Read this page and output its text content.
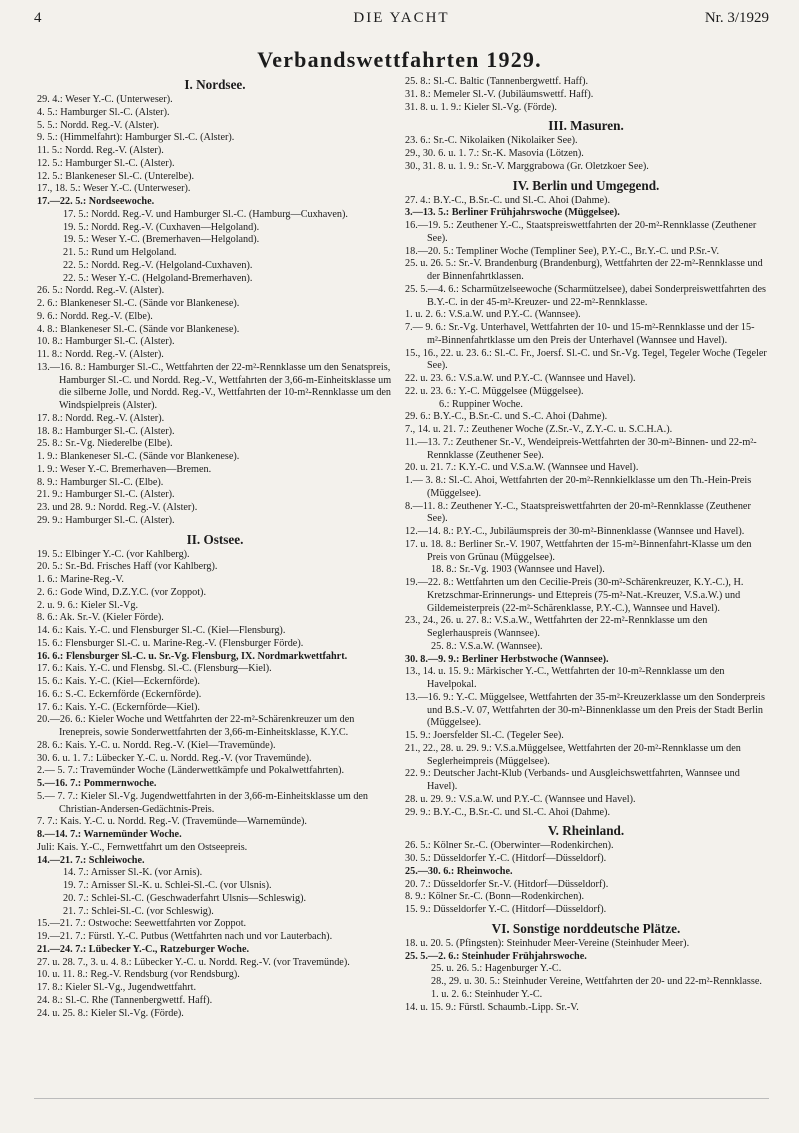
4	DIE YACHT	Nr. 3/1929
Verbandswettfahrten 1929.
I. Nordsee.
29. 4.: Weser Y.-C. (Unterweser).
4. 5.: Hamburger Sl.-C. (Alster).
5. 5.: Nordd. Reg.-V. (Alster).
9. 5.: (Himmelfahrt): Hamburger Sl.-C. (Alster).
11. 5.: Nordd. Reg.-V. (Alster).
12. 5.: Hamburger Sl.-C. (Alster).
12. 5.: Blankeneser Sl.-C. (Unterelbe).
17., 18. 5.: Weser Y.-C. (Unterweser).
17.—22. 5.: Nordseewoche.
17. 5.: Nordd. Reg.-V. und Hamburger Sl.-C. (Hamburg—Cuxhaven).
19. 5.: Nordd. Reg.-V. (Cuxhaven—Helgoland).
19. 5.: Weser Y.-C. (Bremerhaven—Helgoland).
21. 5.: Rund um Helgoland.
22. 5.: Nordd. Reg.-V. (Helgoland-Cuxhaven).
22. 5.: Weser Y.-C. (Helgoland-Bremerhaven).
26. 5.: Nordd. Reg.-V. (Alster).
2. 6.: Blankeneser Sl.-C. (Sände vor Blankenese).
9. 6.: Nordd. Reg.-V. (Elbe).
4. 8.: Blankeneser Sl.-C. (Sände vor Blankenese).
10. 8.: Hamburger Sl.-C. (Alster).
11. 8.: Nordd. Reg.-V. (Alster).
13.—16. 8.: Hamburger Sl.-C., Wettfahrten der 22-m²-Rennklasse um den Senatspreis, Hamburger Sl.-C. und Nordd. Reg.-V., Wettfahrten der 3,66-m-Einheitsklasse um die silberne Jolle, und Nordd. Reg.-V., Wettfahrten der 10-m²-Rennklasse um den Windspielpreis (Alster).
17. 8.: Nordd. Reg.-V. (Alster).
18. 8.: Hamburger Sl.-C. (Alster).
25. 8.: Sr.-Vg. Niederelbe (Elbe).
1. 9.: Blankeneser Sl.-C. (Sände vor Blankenese).
1. 9.: Weser Y.-C. Bremerhaven—Bremen.
8. 9.: Hamburger Sl.-C. (Elbe).
21. 9.: Hamburger Sl.-C. (Alster).
23. und 28. 9.: Nordd. Reg.-V. (Alster).
29. 9.: Hamburger Sl.-C. (Alster).
II. Ostsee.
19. 5.: Elbinger Y.-C. (vor Kahlberg).
20. 5.: Sr.-Bd. Frisches Haff (vor Kahlberg).
1. 6.: Marine-Reg.-V.
2. 6.: Gode Wind, D.Z.Y.C. (vor Zoppot).
2. u. 9. 6.: Kieler Sl.-Vg.
8. 6.: Ak. Sr.-V. (Kieler Förde).
14. 6.: Kais. Y.-C. und Flensburger Sl.-C. (Kiel—Flensburg).
15. 6.: Flensburger Sl.-C. u. Marine-Reg.-V. (Flensburger Förde).
16. 6.: Flensburger Sl.-C. u. Sr.-Vg. Flensburg, IX. Nordmarkwettfahrt.
17. 6.: Kais. Y.-C. und Flensbg. Sl.-C. (Flensburg—Kiel).
15. 6.: Kais. Y.-C. (Kiel—Eckernförde).
16. 6.: S.-C. Eckernförde (Eckernförde).
17. 6.: Kais. Y.-C. (Eckernförde—Kiel).
20.—26. 6.: Kieler Woche und Wettfahrten der 22-m²-Schärenkreuzer um den Irenepreis, sowie Sonderwettfahrten der 3,66-m-Einheitsklasse, K.Y.C.
28. 6.: Kais. Y.-C. u. Nordd. Reg.-V. (Kiel—Travemünde).
30. 6. u. 1. 7.: Lübecker Y.-C. u. Nordd. Reg.-V. (vor Travemünde).
2.— 5. 7.: Travemünder Woche (Länderwettkämpfe und Pokalwettfahrten).
5.—16. 7.: Pommernwoche.
5.— 7. 7.: Kieler Sl.-Vg. Jugendwettfahrten in der 3,66-m-Einheitsklasse um den Christian-Andersen-Gedächtnis-Preis.
7. 7.: Kais. Y.-C. u. Nordd. Reg.-V. (Travemünde—Warnemünde).
8.—14. 7.: Warnemünder Woche.
Juli: Kais. Y.-C., Fernwettfahrt um den Ostseepreis.
14.—21. 7.: Schleiwoche.
14. 7.: Arnisser Sl.-K. (vor Arnis).
19. 7.: Arnisser Sl.-K. u. Schlei-Sl.-C. (vor Ulsnis).
20. 7.: Schlei-Sl.-C. (Geschwaderfahrt Ulsnis—Schleswig).
21. 7.: Schlei-Sl.-C. (vor Schleswig).
15.—21. 7.: Ostwoche: Seewettfahrten vor Zoppot.
19.—21. 7.: Fürstl. Y.-C. Putbus (Wettfahrten nach und vor Lauterbach).
21.—24. 7.: Lübecker Y.-C., Ratzeburger Woche.
27. u. 28. 7., 3. u. 4. 8.: Lübecker Y.-C. u. Nordd. Reg.-V. (vor Travemünde).
10. u. 11. 8.: Reg.-V. Rendsburg (vor Rendsburg).
17. 8.: Kieler Sl.-Vg., Jugendwettfahrt.
24. 8.: Sl.-C. Rhe (Tannenbergwettf. Haff).
24. u. 25. 8.: Kieler Sl.-Vg. (Förde).
25. 8.: Sl.-C. Baltic (Tannenbergwettf. Haff).
31. 8.: Memeler Sl.-V. (Jubiläumswettf. Haff).
31. 8. u. 1. 9.: Kieler Sl.-Vg. (Förde).
III. Masuren.
23. 6.: Sr.-C. Nikolaiken (Nikolaiker See).
29., 30. 6. u. 1. 7.: Sr.-K. Masovia (Lötzen).
30., 31. 8. u. 1. 9.: Sr.-V. Marggrabowa (Gr. Oletzkoer See).
IV. Berlin und Umgegend.
27. 4.: B.Y.-C., B.Sr.-C. und Sl.-C. Ahoi (Dahme).
3.—13. 5.: Berliner Frühjahrswoche (Müggelsee).
16.—19. 5.: Zeuthener Y.-C., Staatspreiswettfahrten der 20-m²-Rennklasse (Zeuthener See).
18.—20. 5.: Templiner Woche (Templiner See), P.Y.-C., Br.Y.-C. und P.Sr.-V.
25. u. 26. 5.: Sr.-V. Brandenburg (Brandenburg), Wettfahrten der 22-m²-Rennklasse und der Binnenfahrtklassen.
25. 5.—4. 6.: Scharmützelseewoche (Scharmützelsee), dabei Sonderpreiswettfahrten des B.Y.-C. in der 45-m²-Kreuzer- und 22-m²-Rennklasse.
1. u. 2. 6.: V.S.a.W. und P.Y.-C. (Wannsee).
7.— 9. 6.: Sr.-Vg. Unterhavel, Wettfahrten der 10- und 15-m²-Rennklasse und der 15-m²-Binnenfahrtklasse um den Preis der Unterhavel (Wannsee und Havel).
15., 16., 22. u. 23. 6.: Sl.-C. Fr., Joersf. Sl.-C. und Sr.-Vg. Tegel, Tegeler Woche (Tegeler See).
22. u. 23. 6.: V.S.a.W. und P.Y.-C. (Wannsee und Havel).
22. u. 23. 6.: Y.-C. Müggelsee (Müggelsee).
6.: Ruppiner Woche.
29. 6.: B.Y.-C., B.Sr.-C. und S.-C. Ahoi (Dahme).
7., 14. u. 21. 7.: Zeuthener Woche (Z.Sr.-V., Z.Y.-C. u. S.C.H.A.).
11.—13. 7.: Zeuthener Sr.-V., Wendeipreis-Wettfahrten der 30-m²-Binnen- und 22-m²-Rennklasse (Zeuthener See).
20. u. 21. 7.: K.Y.-C. und V.S.a.W. (Wannsee und Havel).
1.— 3. 8.: Sl.-C. Ahoi, Wettfahrten der 20-m²-Rennkielklasse um den Th.-Hein-Preis (Müggelsee).
8.—11. 8.: Zeuthener Y.-C., Staatspreiswettfahrten der 20-m²-Rennklasse (Zeuthener See).
12.—14. 8.: P.Y.-C., Jubiläumspreis der 30-m²-Binnenklasse (Wannsee und Havel).
17. u. 18. 8.: Berliner Sr.-V. 1907, Wettfahrten der 15-m²-Binnenfahrt-Klasse um den Preis von Grünau (Müggelsee).
18. 8.: Sr.-Vg. 1903 (Wannsee und Havel).
19.—22. 8.: Wettfahrten um den Cecilie-Preis (30-m²-Schärenkreuzer, K.Y.-C.), H. Kretzschmar-Erinnerungs- und Ettepreis (75-m²-Nat.-Kreuzer, V.S.a.W.) und Gildemeisterpreis (22-m²-Schärenklasse, P.Y.-C.), Wannsee und Havel).
23., 24., 26. u. 27. 8.: V.S.a.W., Wettfahrten der 22-m²-Rennklasse um den Seglerhauspreis (Wannsee).
25. 8.: V.S.a.W. (Wannsee).
30. 8.—9. 9.: Berliner Herbstwoche (Wannsee).
13., 14. u. 15. 9.: Märkischer Y.-C., Wettfahrten der 10-m²-Rennklasse um den Havelpokal.
13.—16. 9.: Y.-C. Müggelsee, Wettfahrten der 35-m²-Kreuzerklasse um den Sonderpreis und B.S.-V. 07, Wettfahrten der 30-m²-Binnenklasse um den Preis der Stadt Berlin (Müggelsee).
15. 9.: Joersfelder Sl.-C. (Tegeler See).
21., 22., 28. u. 29. 9.: V.S.a.Müggelsee, Wettfahrten der 20-m²-Rennklasse um den Seglerheimpreis (Müggelsee).
22. 9.: Deutscher Jacht-Klub (Verbands- und Ausgleichswettfahrten, Wannsee und Havel).
28. u. 29. 9.: V.S.a.W. und P.Y.-C. (Wannsee und Havel).
29. 9.: B.Y.-C., B.Sr.-C. und Sl.-C. Ahoi (Dahme).
V. Rheinland.
26. 5.: Kölner Sr.-C. (Oberwinter—Rodenkirchen).
30. 5.: Düsseldorfer Y.-C. (Hitdorf—Düsseldorf).
25.—30. 6.: Rheinwoche.
20. 7.: Düsseldorfer Sr.-V. (Hitdorf—Düsseldorf).
8. 9.: Kölner Sr.-C. (Bonn—Rodenkirchen).
15. 9.: Düsseldorfer Y.-C. (Hitdorf—Düsseldorf).
VI. Sonstige norddeutsche Plätze.
18. u. 20. 5. (Pfingsten): Steinhuder Meer-Vereine (Steinhuder Meer).
25. 5.—2. 6.: Steinhuder Frühjahrswoche.
25. u. 26. 5.: Hagenburger Y.-C.
28., 29. u. 30. 5.: Steinhuder Vereine, Wettfahrten der 20- und 22-m²-Rennklasse.
1. u. 2. 6.: Steinhuder Y.-C.
14. u. 15. 9.: Fürstl. Schaumb.-Lipp. Sr.-V.
